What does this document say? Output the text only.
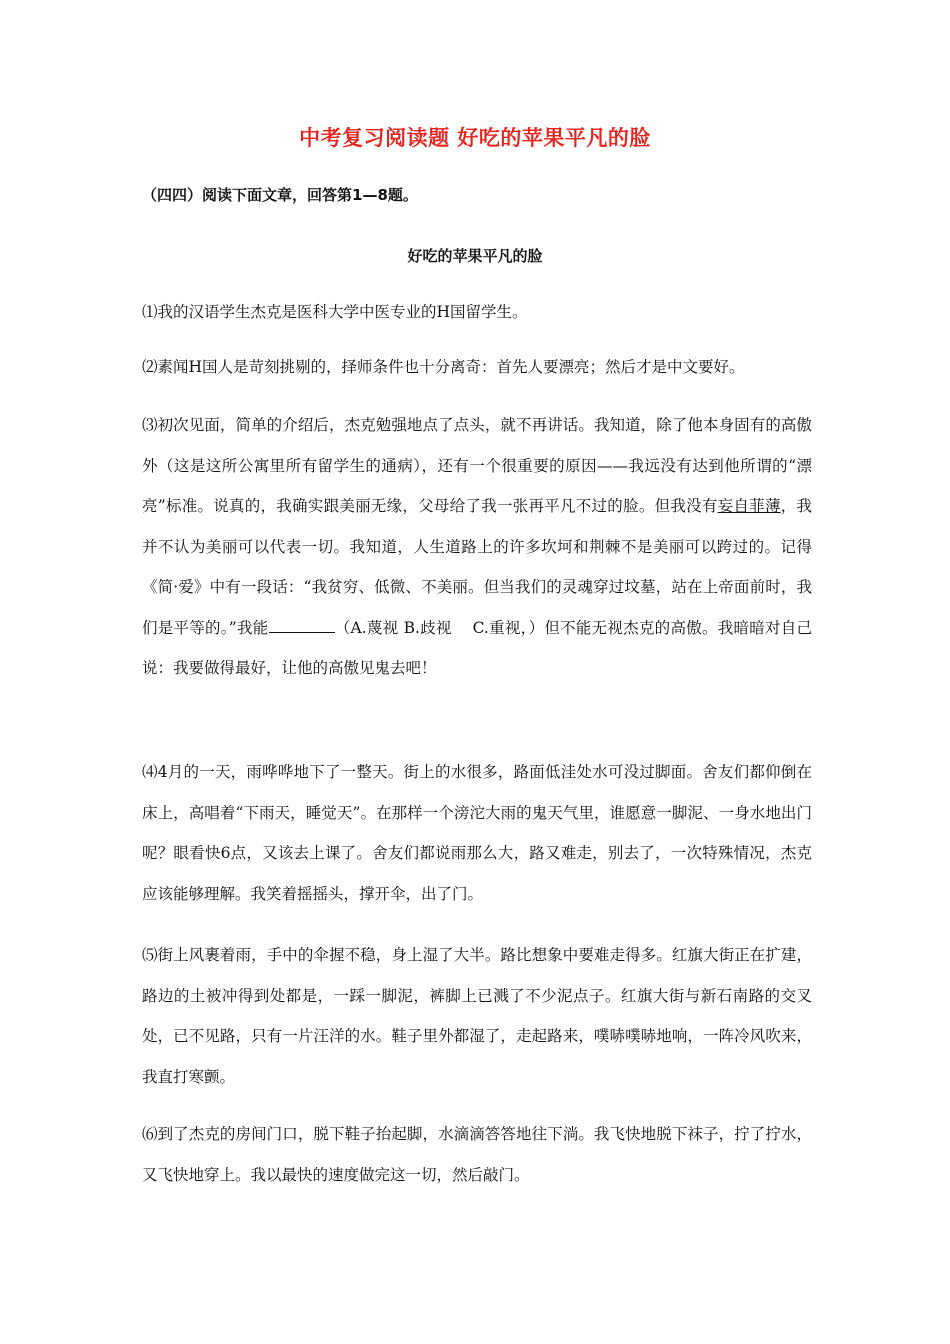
中考复习阅读题 好吃的苹果平凡的脸
（四四）阅读下面文章，回答第1—8题。
好吃的苹果平凡的脸

⑴我的汉语学生杰克是医科大学中医专业的H国留学生。

⑵素闻H国人是苛刻挑剔的，择师条件也十分离奇：首先人要漂亮；然后才是中文要好。

⑶初次见面，简单的介绍后，杰克勉强地点了点头，就不再讲话。我知道，除了他本身固有的高傲外（这是这所公寓里所有留学生的通病），还有一个很重要的原因——我远没有达到他所谓的“漂亮”标准。说真的，我确实跟美丽无缘，父母给了我一张再平凡不过的脸。但我没有妄自菲薄，我并不认为美丽可以代表一切。我知道，人生道路上的许多坎坷和荆棘不是美丽可以跨过的。记得《简·爱》中有一段话：“我贫穷、低微、不美丽。但当我们的灵魂穿过坟墓，站在上帝面前时，我们是平等的。”我能	（A.蔑视 B.歧视　 C.重视，）但不能无视杰克的高傲。我暗暗对自己说：我要做得最好，让他的高傲见鬼去吧！

⑷4月的一天，雨哗哗地下了一整天。街上的水很多，路面低洼处水可没过脚面。舍友们都仰倒在床上，高唱着“下雨天，睡觉天”。在那样一个滂沱大雨的鬼天气里，谁愿意一脚泥、一身水地出门呢？眼看快6点，又该去上课了。舍友们都说雨那么大，路又难走，别去了，一次特殊情况，杰克应该能够理解。我笑着摇摇头，撑开伞，出了门。

⑸街上风裹着雨，手中的伞握不稳，身上湿了大半。路比想象中要难走得多。红旗大街正在扩建，路边的土被冲得到处都是，一踩一脚泥，裤脚上已溅了不少泥点子。红旗大街与新石南路的交叉处，已不见路，只有一片汪洋的水。鞋子里外都湿了，走起路来，噗哧噗哧地响，一阵冷风吹来，我直打寒颤。

⑹到了杰克的房间门口，脱下鞋子抬起脚，水滴滴答答地往下淌。我飞快地脱下袜子，拧了拧水，又飞快地穿上。我以最快的速度做完这一切，然后敲门。
